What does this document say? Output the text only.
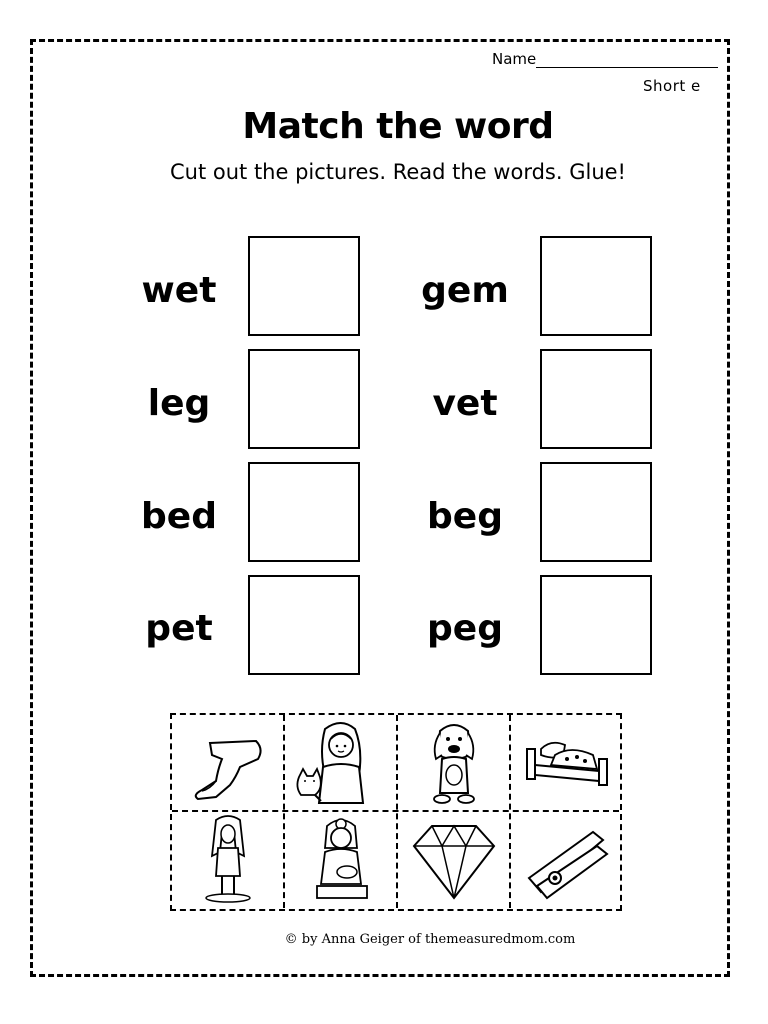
Name
Short e
Match the word
Cut out the pictures. Read the words. Glue!
wet
leg
bed
pet
gem
vet
beg
peg
© by Anna Geiger of themeasuredmom.com
